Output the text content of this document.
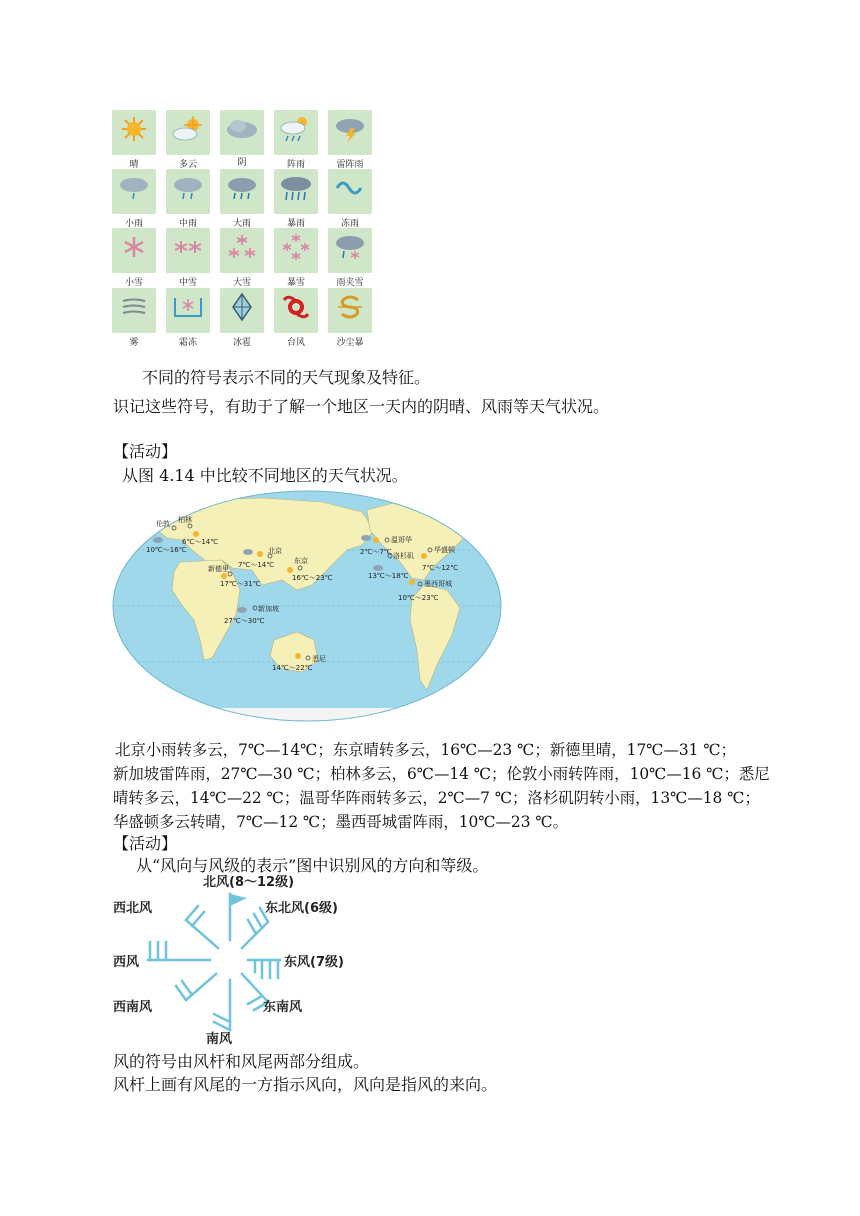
晴	多云	阴	阵雨	雷阵雨
小雨	中雨	大雨	暴雨	冻雨
小雪	中雪	大雪	暴雪	雨夹雪
雾	霜冻	冰雹	台风	沙尘暴
不同的符号表示不同的天气现象及特征。
识记这些符号，有助于了解一个地区一天内的阴晴、风雨等天气状况。
【活动】
从图 4.14 中比较不同地区的天气状况。
伦敦
10℃～16℃
柏林
6℃～14℃
北京
7℃～14℃	东京
16℃～23℃
新德里
17℃～31℃
新加坡
27℃～30℃
悉尼
14℃～22℃
温哥华
2℃～7℃ 洛杉矶
13℃～18℃
华盛顿
7℃～12℃
墨西哥城
10℃～23℃
北京小雨转多云，7℃—14℃；东京晴转多云，16℃—23 ℃；新德里晴，17℃—31 ℃；
新加坡雷阵雨，27℃—30 ℃；柏林多云，6℃—14 ℃；伦敦小雨转阵雨，10℃—16 ℃；悉尼
晴转多云，14℃—22 ℃；温哥华阵雨转多云，2℃—7 ℃；洛杉矶阴转小雨，13℃—18 ℃；
华盛顿多云转晴，7℃—12 ℃；墨西哥城雷阵雨，10℃—23 ℃。
【活动】
从“风向与风级的表示”图中识别风的方向和等级。
北风(8～12级)
东北风(6级)
西北风
西风	东风(7级)
西南风	东南风
南风
风的符号由风杆和风尾两部分组成。
风杆上画有风尾的一方指示风向，风向是指风的来向。
